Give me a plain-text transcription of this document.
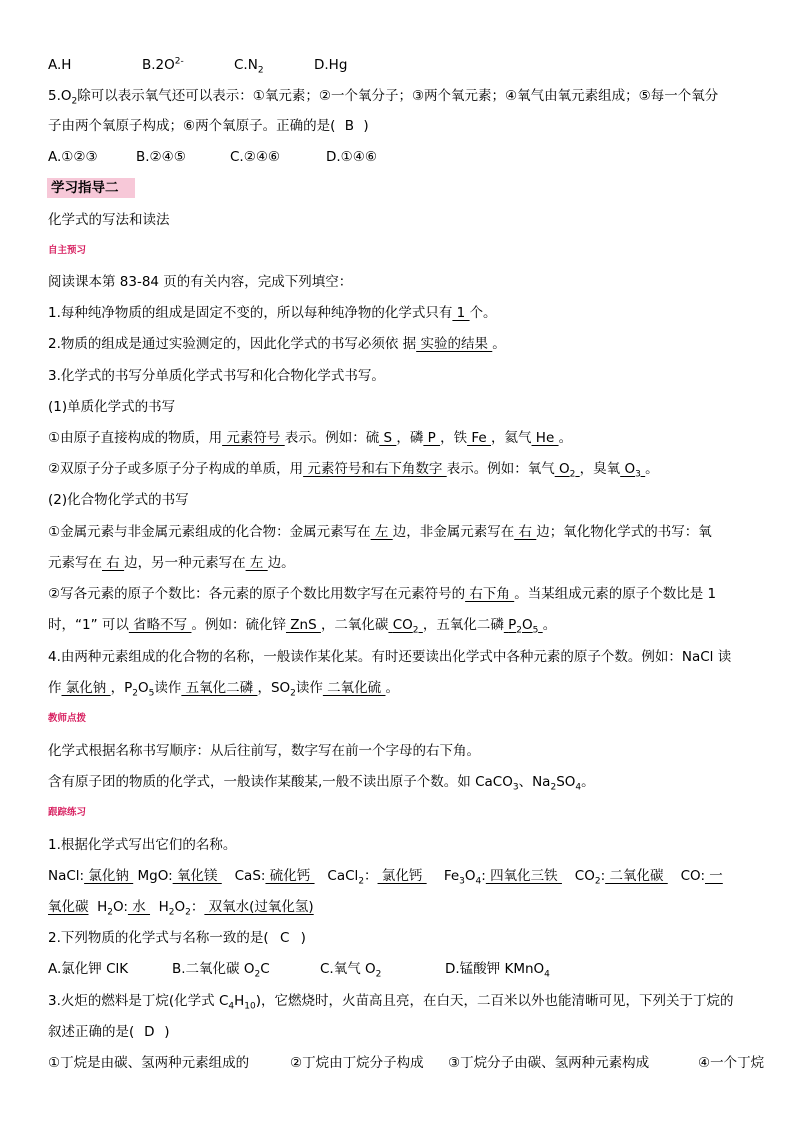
A.H	$B.2O^{2-}$	$C.N_2$	D.Hg
$5.O_2$除可以表示氧气还可以表示：①氧元素；②一个氧分子；③两个氧元素；④氧气由氧元素组成；⑤每一个氧分
子由两个氧原子构成；⑥两个氧原子。正确的是( B )
A.①②③	B.②④⑤	C.②④⑥	D.①④⑥
学习指导二
化学式的写法和读法
自主预习
阅读课本第 83-84 页的有关内容，完成下列填空：
1.每种纯净物质的组成是固定不变的，所以每种纯净物的化学式只有 1 个。
2.物质的组成是通过实验测定的，因此化学式的书写必须依 据 实验的结果 。
3.化学式的书写分单质化学式书写和化合物化学式书写。
(1)单质化学式的书写
①由原子直接构成的物质，用 元素符号 表示。例如：硫 S ，磷 P ，铁 Fe ，氦气 He 。
②双原子分子或多原子分子构成的单质，用 元素符号和右下角数字 表示。例如：氧气 $O_2$ ，臭氧 $O_3$ 。
(2)化合物化学式的书写
①金属元素与非金属元素组成的化合物：金属元素写在 左 边，非金属元素写在 右 边；氧化物化学式的书写：氧
元素写在 右 边，另一种元素写在 左 边。
②写各元素的原子个数比：各元素的原子个数比用数字写在元素符号的 右下角 。当某组成元素的原子个数比是 1
时，“1” 可以 省略不写 。例如：硫化锌 ZnS ，二氧化碳 $CO_2$ ，五氧化二磷 $P_2O_5$ 。
4.由两种元素组成的化合物的名称，一般读作某化某。有时还要读出化学式中各种元素的原子个数。例如：NaCl 读
作 氯化钠 ，$P_2O_5$读作 五氧化二磷 ，$SO_2$读作 二氧化硫 。
教师点拨
化学式根据名称书写顺序：从后往前写，数字写在前一个字母的右下角。
含有原子团的物质的化学式，一般读作某酸某,一般不读出原子个数。如 CaCO$_3$、$Na_2SO_4$。
跟踪练习
1.根据化学式写出它们的名称。
NaCl: 氯化钠  MgO: 氧化镁    CaS: 硫化钙    CaCl$_2$： 氯化钙     $Fe_3O_4$: 四氧化三铁    $CO_2$: 二氧化碳    CO: 一
氧化碳 $H_2O$: 水   $H_2O_2$： 双氧水(过氧化氢)
2.下列物质的化学式与名称一致的是( C )
A.氯化钾 ClK	B.二氧化碳 $O_2C$	C.氧气 $O_2$	D.锰酸钾 KMnO$_4$
3.火炬的燃料是丁烷(化学式 $C_4H_{10}$)，它燃烧时，火苗高且亮，在白天，二百米以外也能清晰可见，下列关于丁烷的
叙述正确的是( D )
①丁烷是由碳、氢两种元素组成的	②丁烷由丁烷分子构成 ③丁烷分子由碳、氢两种元素构成	④一个丁烷
